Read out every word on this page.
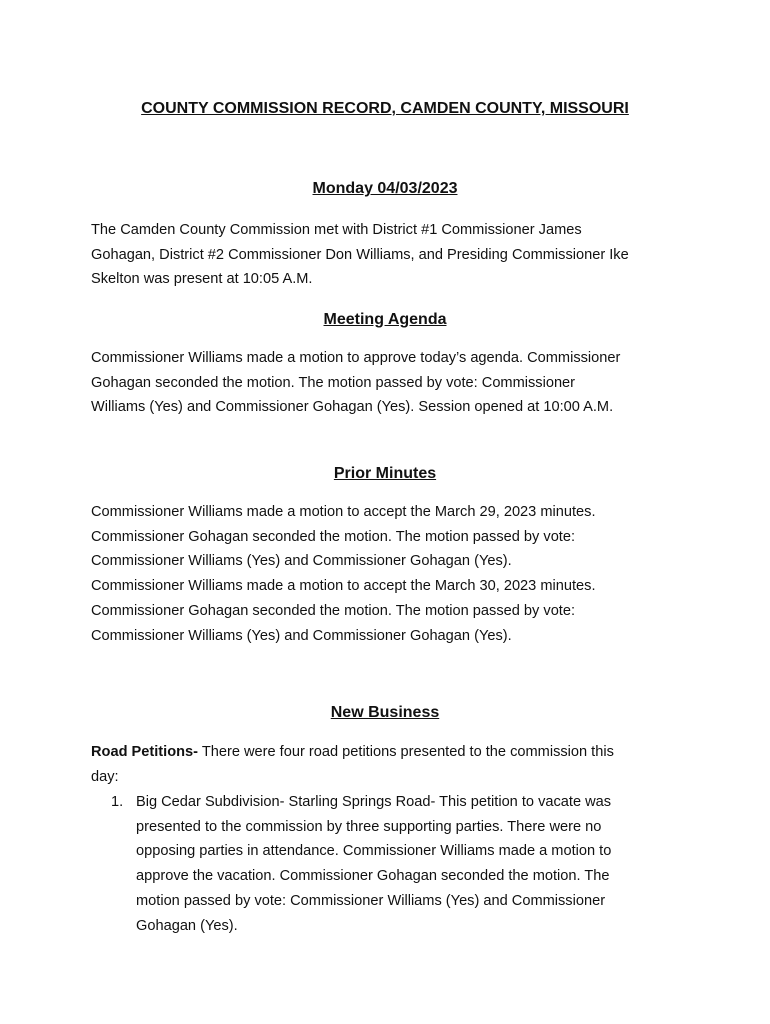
COUNTY COMMISSION RECORD, CAMDEN COUNTY, MISSOURI
Monday 04/03/2023
The Camden County Commission met with District #1 Commissioner James
Gohagan, District #2 Commissioner Don Williams, and Presiding Commissioner Ike
Skelton was present at 10:05 A.M.
Meeting Agenda
Commissioner Williams made a motion to approve today’s agenda. Commissioner
Gohagan seconded the motion. The motion passed by vote: Commissioner
Williams (Yes) and Commissioner Gohagan (Yes). Session opened at 10:00 A.M.
Prior Minutes
Commissioner Williams made a motion to accept the March 29, 2023 minutes.
Commissioner Gohagan seconded the motion. The motion passed by vote:
Commissioner Williams (Yes) and Commissioner Gohagan (Yes).
Commissioner Williams made a motion to accept the March 30, 2023 minutes.
Commissioner Gohagan seconded the motion. The motion passed by vote:
Commissioner Williams (Yes) and Commissioner Gohagan (Yes).
New Business
Road Petitions- There were four road petitions presented to the commission this
day:
1. Big Cedar Subdivision- Starling Springs Road- This petition to vacate was
presented to the commission by three supporting parties. There were no
opposing parties in attendance. Commissioner Williams made a motion to
approve the vacation. Commissioner Gohagan seconded the motion. The
motion passed by vote: Commissioner Williams (Yes) and Commissioner
Gohagan (Yes).
